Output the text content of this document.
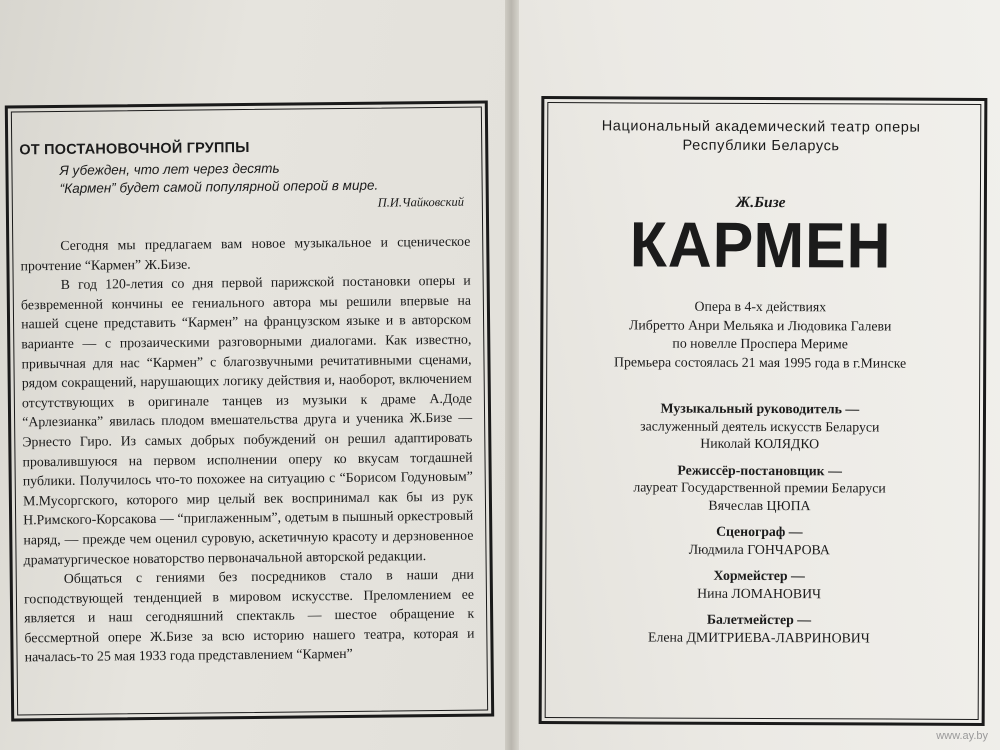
ОТ ПОСТАНОВОЧНОЙ ГРУППЫ
Я убежден, что лет через десять
“Кармен” будет самой популярной оперой в мире.
П.И.Чайковский

Сегодня мы предлагаем вам новое музыкальное и сценическое прочтение “Кармен” Ж.Бизе.

В год 120-летия со дня первой парижской постановки оперы и безвременной кончины ее гениального автора мы решили впервые на нашей сцене представить “Кармен” на французском языке и в авторском варианте — с прозаическими разговорными диалогами. Как известно, привычная для нас “Кармен” с благозвучными речитативными сценами, рядом сокращений, нарушающих логику действия и, наоборот, включением отсутствующих в оригинале танцев из музыки к драме А.Доде “Арлезианка” явилась плодом вмешательства друга и ученика Ж.Бизе — Эрнесто Гиро. Из самых добрых побуждений он решил адаптировать провалившуюся на первом исполнении оперу ко вкусам тогдашней публики. Получилось что-то похожее на ситуацию с “Борисом Годуновым” М.Мусоргского, которого мир целый век воспринимал как бы из рук Н.Римского-Корсакова — “приглаженным”, одетым в пышный оркестровый наряд, — прежде чем оценил суровую, аскетичную красоту и дерзновенное драматургическое новаторство первоначальной авторской редакции.

Общаться с гениями без посредников стало в наши дни господствующей тенденцией в мировом искусстве. Преломлением ее является и наш сегодняшний спектакль — шестое обращение к бессмертной опере Ж.Бизе за всю историю нашего театра, которая и началась-то 25 мая 1933 года представлением “Кармен”

Национальный академический театр оперы
Республики Беларусь
Ж.Бизе
КАРМЕН
Опера в 4-х действиях
Либретто Анри Мельяка и Людовика Галеви
по новелле Проспера Мериме
Премьера состоялась 21 мая 1995 года в г.Минске
Музыкальный руководитель —
заслуженный деятель искусств Беларуси
Николай КОЛЯДКО
Режиссёр-постановщик —
лауреат Государственной премии Беларуси
Вячеслав ЦЮПА
Сценограф —
Людмила ГОНЧАРОВА
Хормейстер —
Нина ЛОМАНОВИЧ
Балетмейстер —
Елена ДМИТРИЕВА-ЛАВРИНОВИЧ
www.ay.by
